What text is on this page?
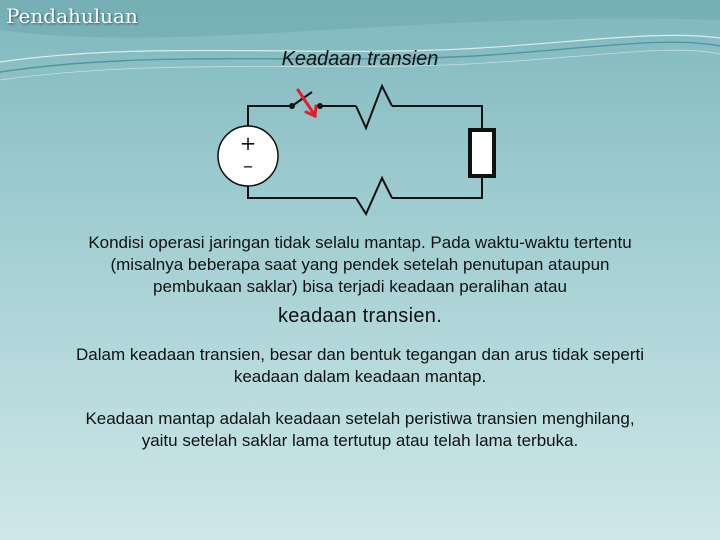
Pendahuluan
Keadaan transien
+
–

Kondisi operasi jaringan tidak selalu mantap. Pada waktu-waktu tertentu (misalnya beberapa saat yang pendek setelah penutupan ataupun pembukaan saklar) bisa terjadi keadaan peralihan atau
keadaan transien.

Dalam keadaan transien, besar dan bentuk tegangan dan arus tidak seperti keadaan dalam keadaan mantap.

Keadaan mantap adalah keadaan setelah peristiwa transien menghilang, yaitu setelah saklar lama tertutup atau telah lama terbuka.
